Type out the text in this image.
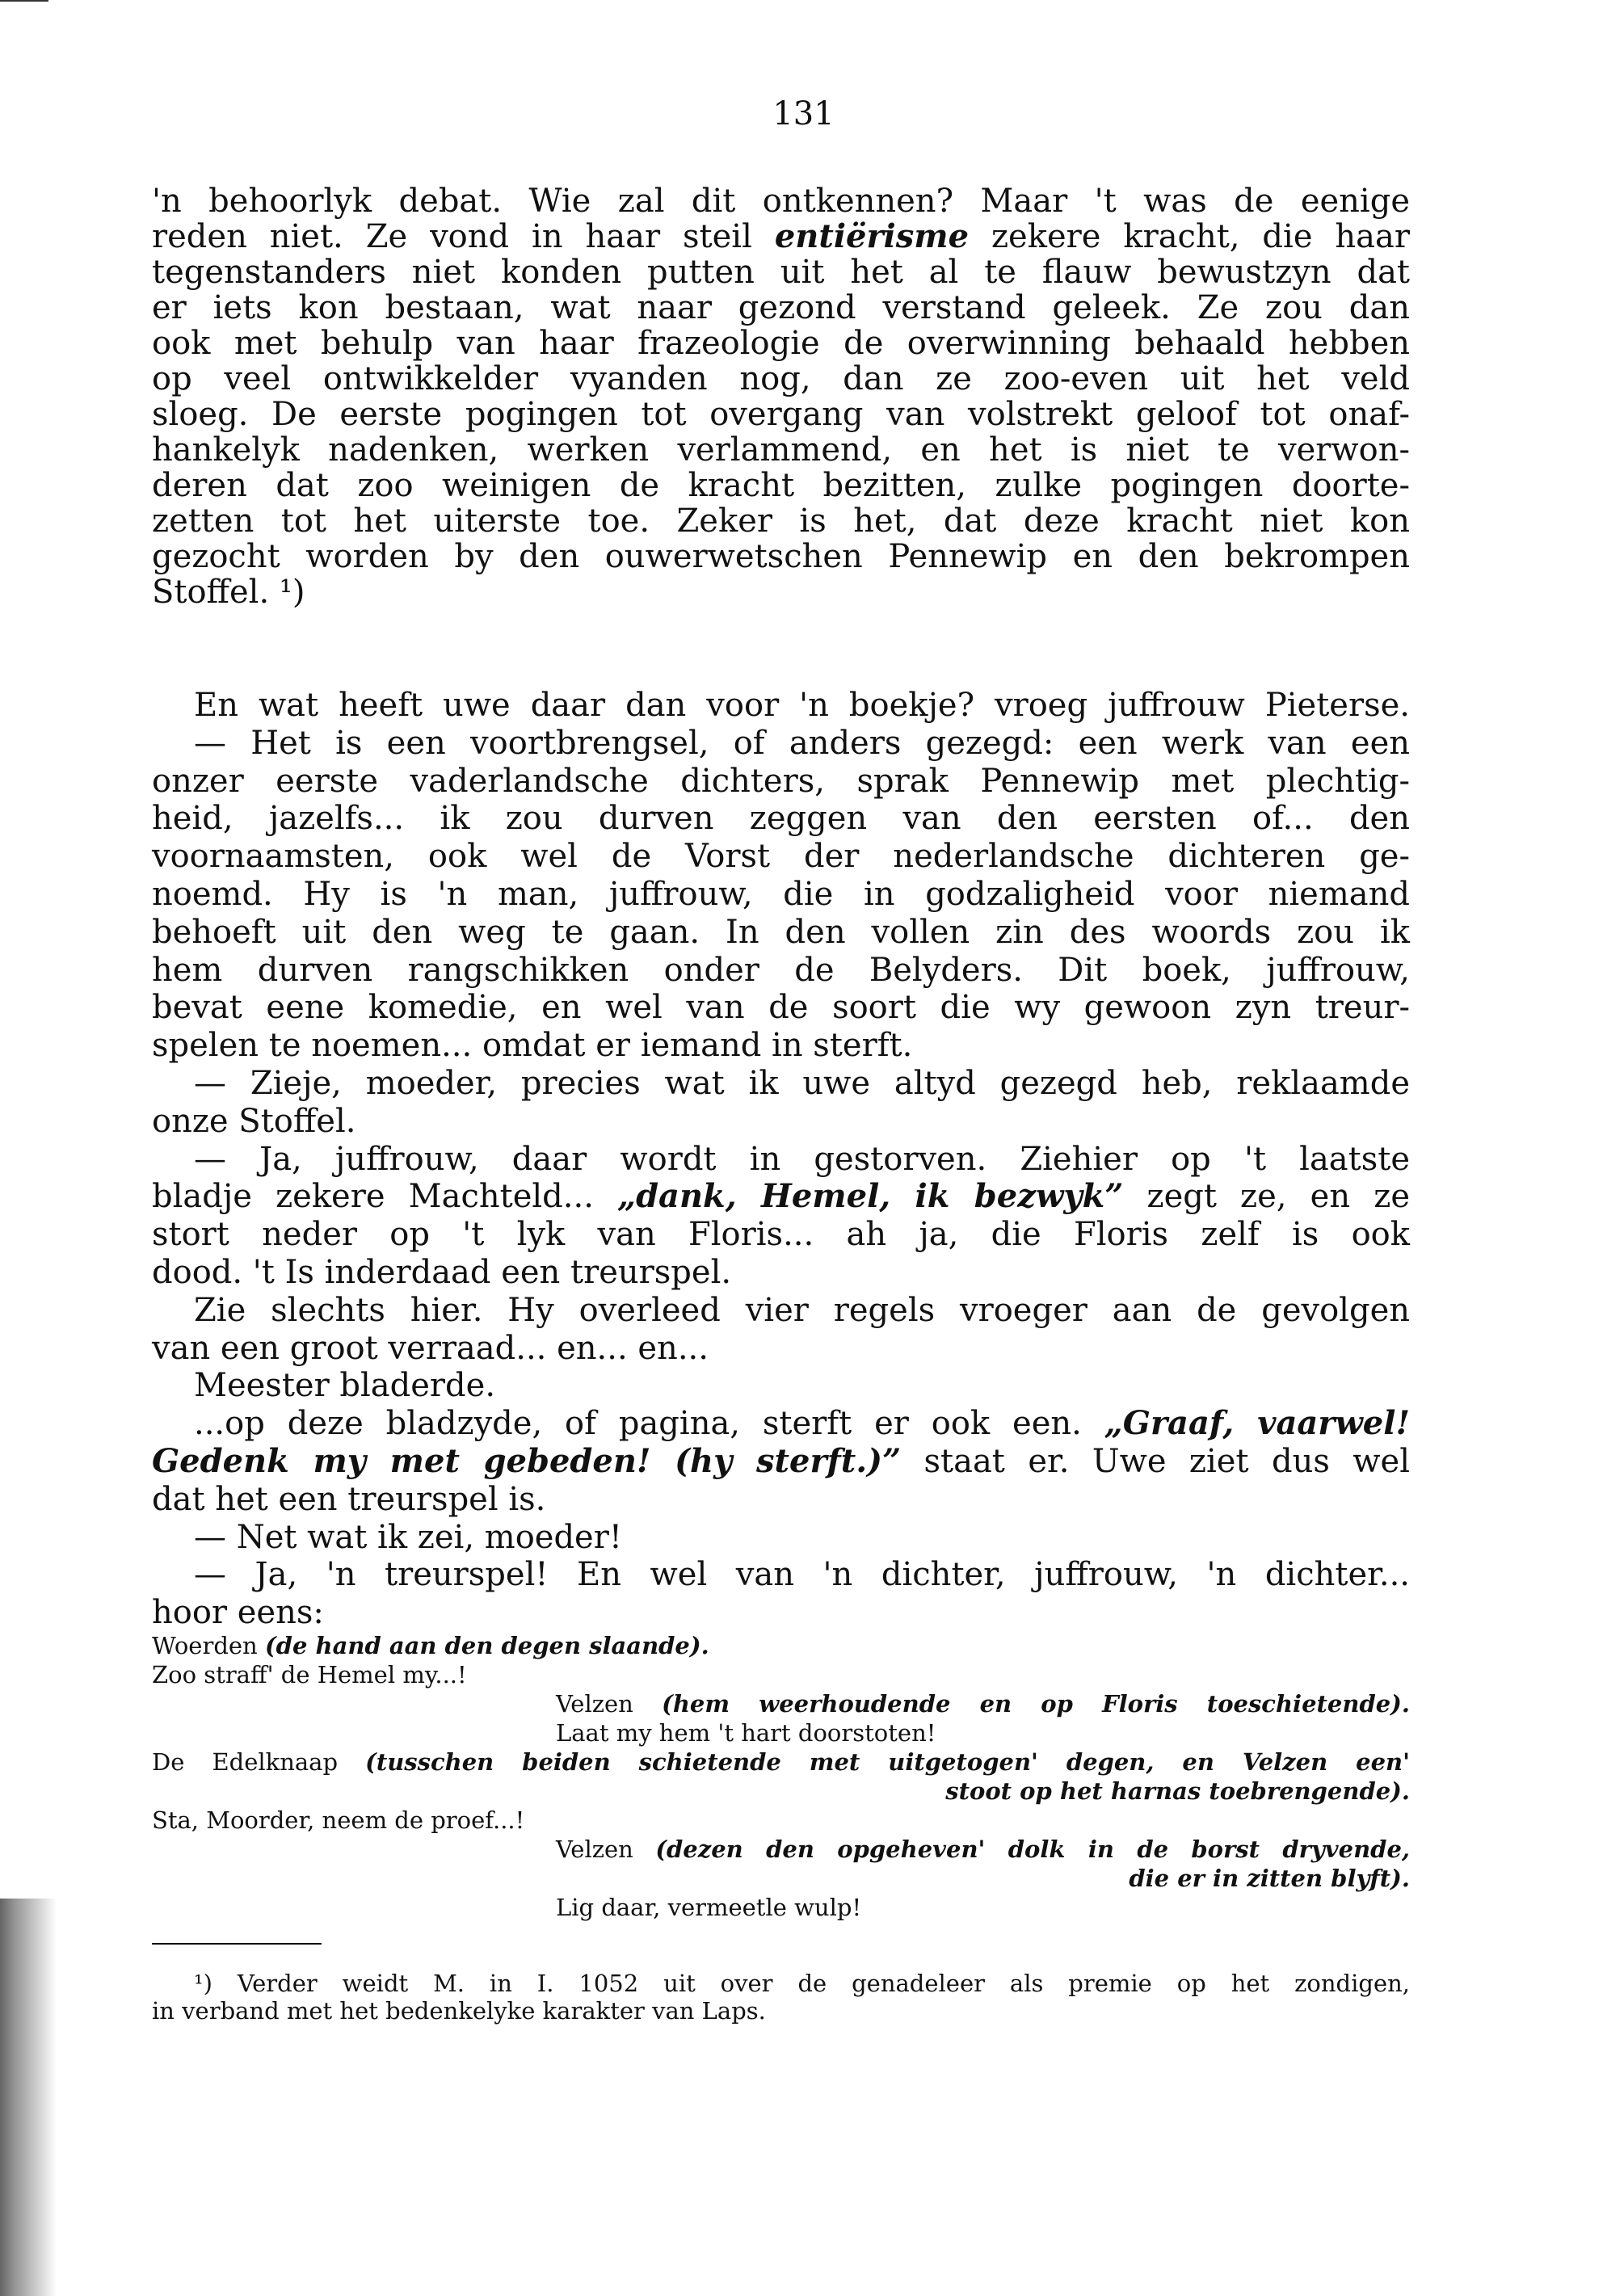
131
'n behoorlyk debat. Wie zal dit ontkennen? Maar 't was de eenige
reden niet. Ze vond in haar steil entiërisme zekere kracht, die haar
tegenstanders niet konden putten uit het al te flauw bewustzyn dat
er iets kon bestaan, wat naar gezond verstand geleek. Ze zou dan
ook met behulp van haar frazeologie de overwinning behaald hebben
op veel ontwikkelder vyanden nog, dan ze zoo-even uit het veld
sloeg. De eerste pogingen tot overgang van volstrekt geloof tot onaf-
hankelyk nadenken, werken verlammend, en het is niet te verwon-
deren dat zoo weinigen de kracht bezitten, zulke pogingen doorte-
zetten tot het uiterste toe. Zeker is het, dat deze kracht niet kon
gezocht worden by den ouwerwetschen Pennewip en den bekrompen
Stoffel. ¹)
En wat heeft uwe daar dan voor 'n boekje? vroeg juffrouw Pieterse.
— Het is een voortbrengsel, of anders gezegd: een werk van een
onzer eerste vaderlandsche dichters, sprak Pennewip met plechtig-
heid, jazelfs... ik zou durven zeggen van den eersten of... den
voornaamsten, ook wel de Vorst der nederlandsche dichteren ge-
noemd. Hy is 'n man, juffrouw, die in godzaligheid voor niemand
behoeft uit den weg te gaan. In den vollen zin des woords zou ik
hem durven rangschikken onder de Belyders. Dit boek, juffrouw,
bevat eene komedie, en wel van de soort die wy gewoon zyn treur-
spelen te noemen... omdat er iemand in sterft.
— Zieje, moeder, precies wat ik uwe altyd gezegd heb, reklaamde
onze Stoffel.
— Ja, juffrouw, daar wordt in gestorven. Ziehier op 't laatste
bladje zekere Machteld... „dank, Hemel, ik bezwyk” zegt ze, en ze
stort neder op 't lyk van Floris... ah ja, die Floris zelf is ook
dood. 't Is inderdaad een treurspel.
Zie slechts hier. Hy overleed vier regels vroeger aan de gevolgen
van een groot verraad... en... en...
Meester bladerde.
...op deze bladzyde, of pagina, sterft er ook een. „Graaf, vaarwel!
Gedenk my met gebeden! (hy sterft.)” staat er. Uwe ziet dus wel
dat het een treurspel is.
— Net wat ik zei, moeder!
— Ja, 'n treurspel! En wel van 'n dichter, juffrouw, 'n dichter...
hoor eens:
Woerden (de hand aan den degen slaande).
Zoo straff' de Hemel my...!
Velzen (hem weerhoudende en op Floris toeschietende).
Laat my hem 't hart doorstoten!
De Edelknaap (tusschen beiden schietende met uitgetogen' degen, en Velzen een'
stoot op het harnas toebrengende).
Sta, Moorder, neem de proef...!
Velzen (dezen den opgeheven' dolk in de borst dryvende,
die er in zitten blyft).
Lig daar, vermeetle wulp!
¹) Verder weidt M. in I. 1052 uit over de genadeleer als premie op het zondigen,
in verband met het bedenkelyke karakter van Laps.
